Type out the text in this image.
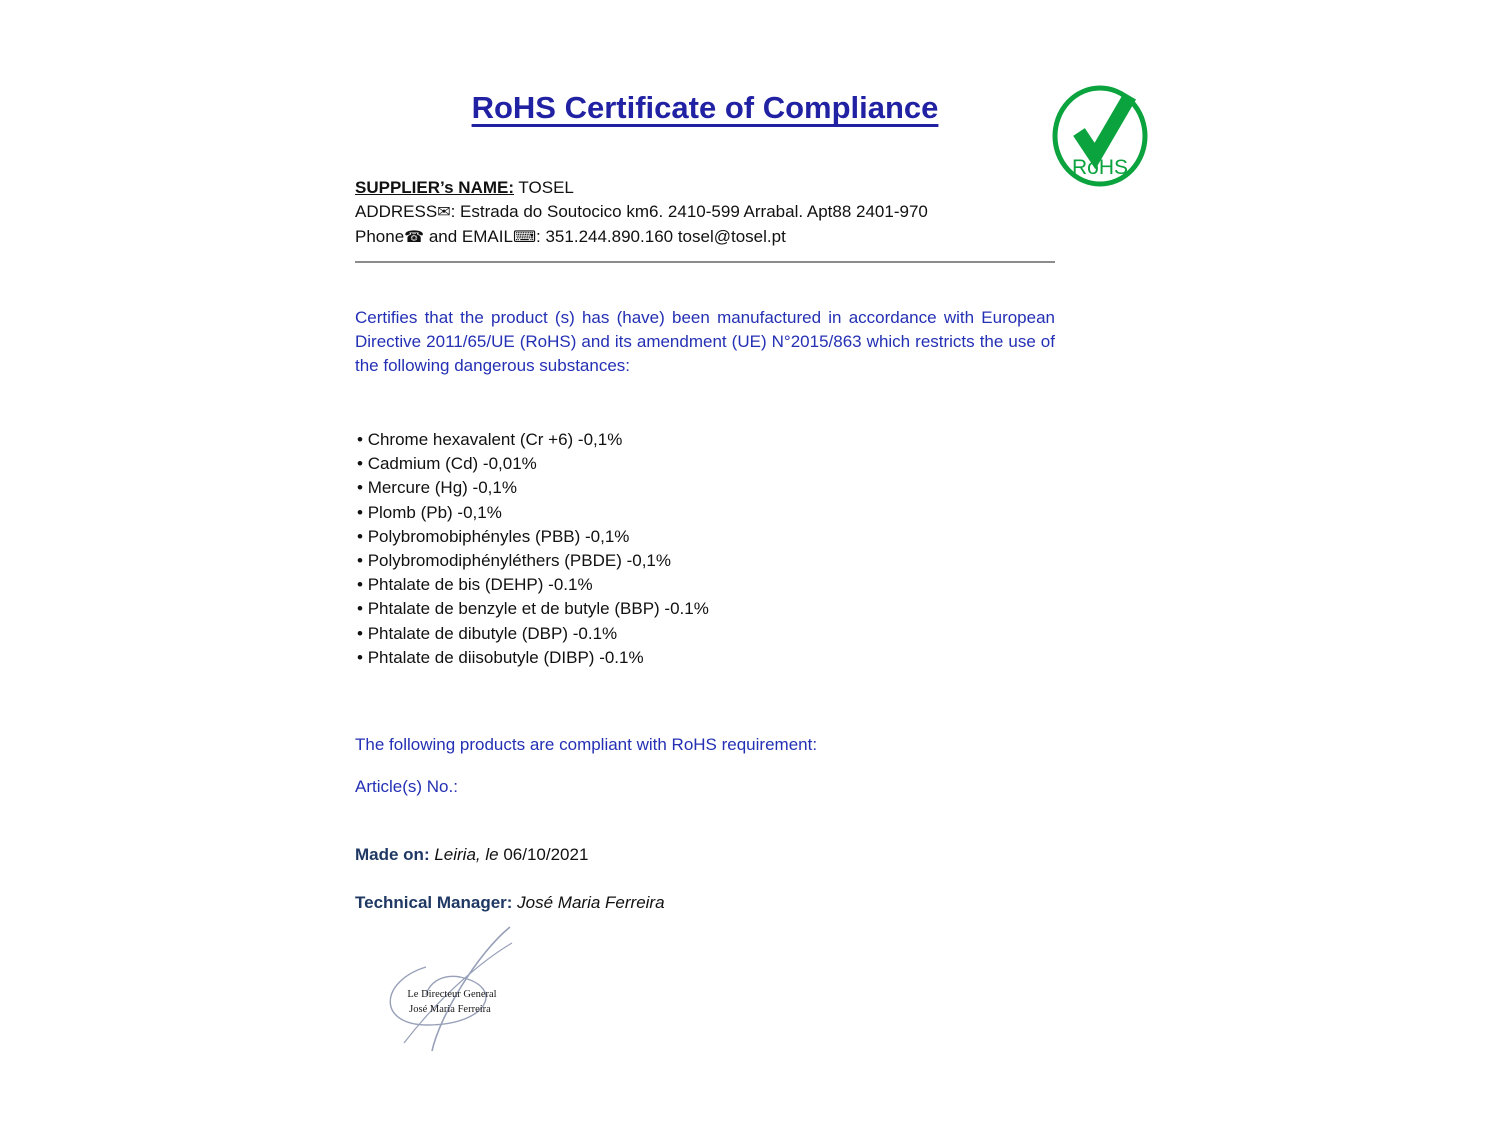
RoHS
RoHS Certificate of Compliance
SUPPLIER’s NAME: TOSEL
ADDRESS✉: Estrada do Soutocico km6. 2410-599 Arrabal. Apt88 2401-970
Phone☎ and EMAIL⌨: 351.244.890.160 tosel@tosel.pt
Certifies that the product (s) has (have) been manufactured in accordance with European Directive 2011/65/UE (RoHS) and its amendment (UE) N°2015/863 which restricts the use of the following dangerous substances:
• Chrome hexavalent (Cr +6) -0,1%
• Cadmium (Cd) -0,01%
• Mercure (Hg) -0,1%
• Plomb (Pb) -0,1%
• Polybromobiphényles (PBB) -0,1%
• Polybromodiphényléthers (PBDE) -0,1%
• Phtalate de bis (DEHP) -0.1%
• Phtalate de benzyle et de butyle (BBP) -0.1%
• Phtalate de dibutyle (DBP) -0.1%
• Phtalate de diisobutyle (DIBP) -0.1%
The following products are compliant with RoHS requirement:
Article(s) No.:
Made on: Leiria, le 06/10/2021
Technical Manager: José Maria Ferreira
Le Directeur General
José Maria Ferreira
